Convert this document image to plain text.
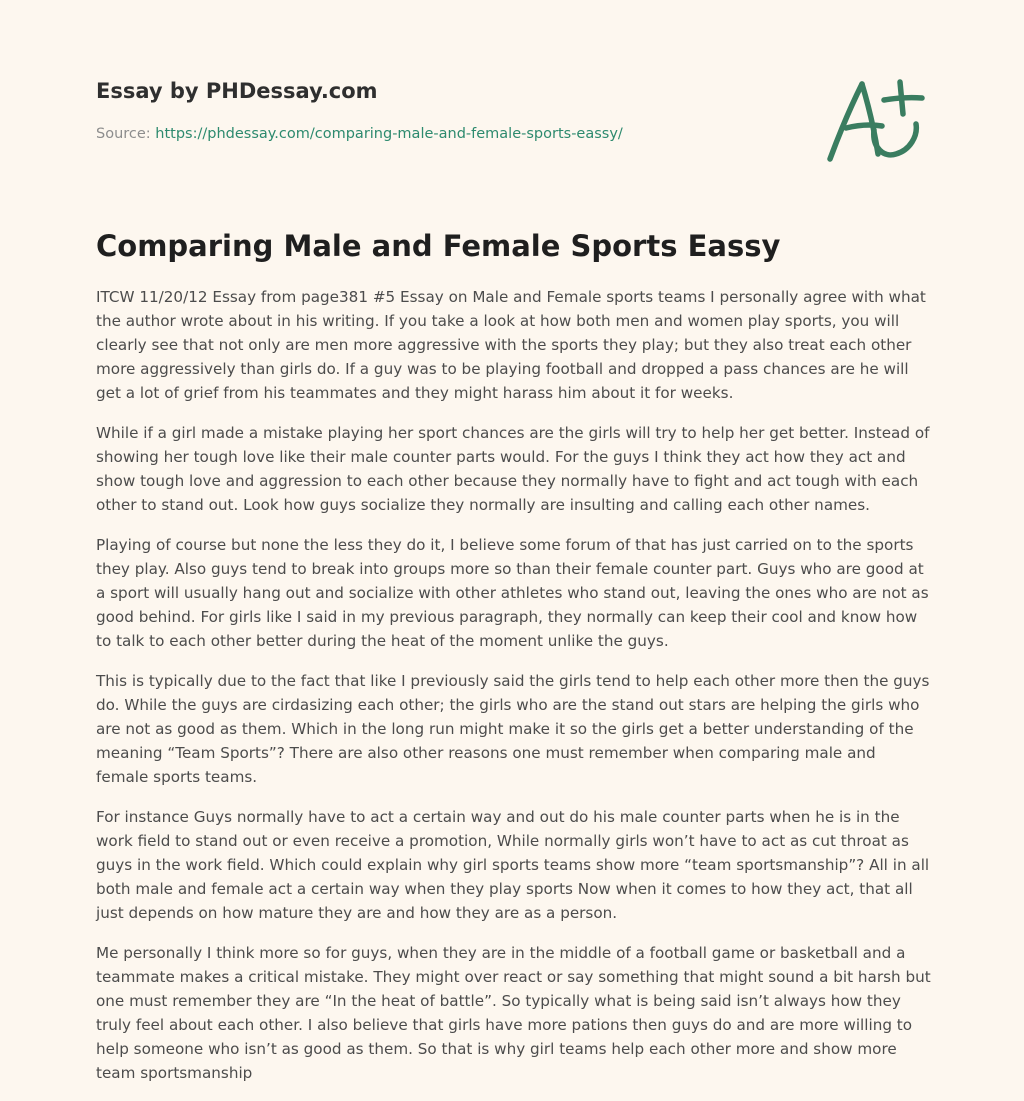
Essay by PHDessay.com
Source: https://phdessay.com/comparing-male-and-female-sports-eassy/
Comparing Male and Female Sports Eassy

ITCW 11/20/12 Essay from page381 #5 Essay on Male and Female sports teams I personally agree with what the author wrote about in his writing. If you take a look at how both men and women play sports, you will clearly see that not only are men more aggressive with the sports they play; but they also treat each other more aggressively than girls do. If a guy was to be playing football and dropped a pass chances are he will get a lot of grief from his teammates and they might harass him about it for weeks.

While if a girl made a mistake playing her sport chances are the girls will try to help her get better. Instead of showing her tough love like their male counter parts would. For the guys I think they act how they act and show tough love and aggression to each other because they normally have to fight and act tough with each other to stand out. Look how guys socialize they normally are insulting and calling each other names.

Playing of course but none the less they do it, I believe some forum of that has just carried on to the sports they play. Also guys tend to break into groups more so than their female counter part. Guys who are good at a sport will usually hang out and socialize with other athletes who stand out, leaving the ones who are not as good behind. For girls like I said in my previous paragraph, they normally can keep their cool and know how to talk to each other better during the heat of the moment unlike the guys.

This is typically due to the fact that like I previously said the girls tend to help each other more then the guys do. While the guys are cirdasizing each other; the girls who are the stand out stars are helping the girls who are not as good as them. Which in the long run might make it so the girls get a better understanding of the meaning “Team Sports”? There are also other reasons one must remember when comparing male and female sports teams.

For instance Guys normally have to act a certain way and out do his male counter parts when he is in the work field to stand out or even receive a promotion, While normally girls won’t have to act as cut throat as guys in the work field. Which could explain why girl sports teams show more “team sportsmanship”? All in all both male and female act a certain way when they play sports Now when it comes to how they act, that all just depends on how mature they are and how they are as a person.

Me personally I think more so for guys, when they are in the middle of a football game or basketball and a teammate makes a critical mistake. They might over react or say something that might sound a bit harsh but one must remember they are “In the heat of battle”. So typically what is being said isn’t always how they truly feel about each other. I also believe that girls have more pations then guys do and are more willing to help someone who isn’t as good as them. So that is why girl teams help each other more and show more team sportsmanship
